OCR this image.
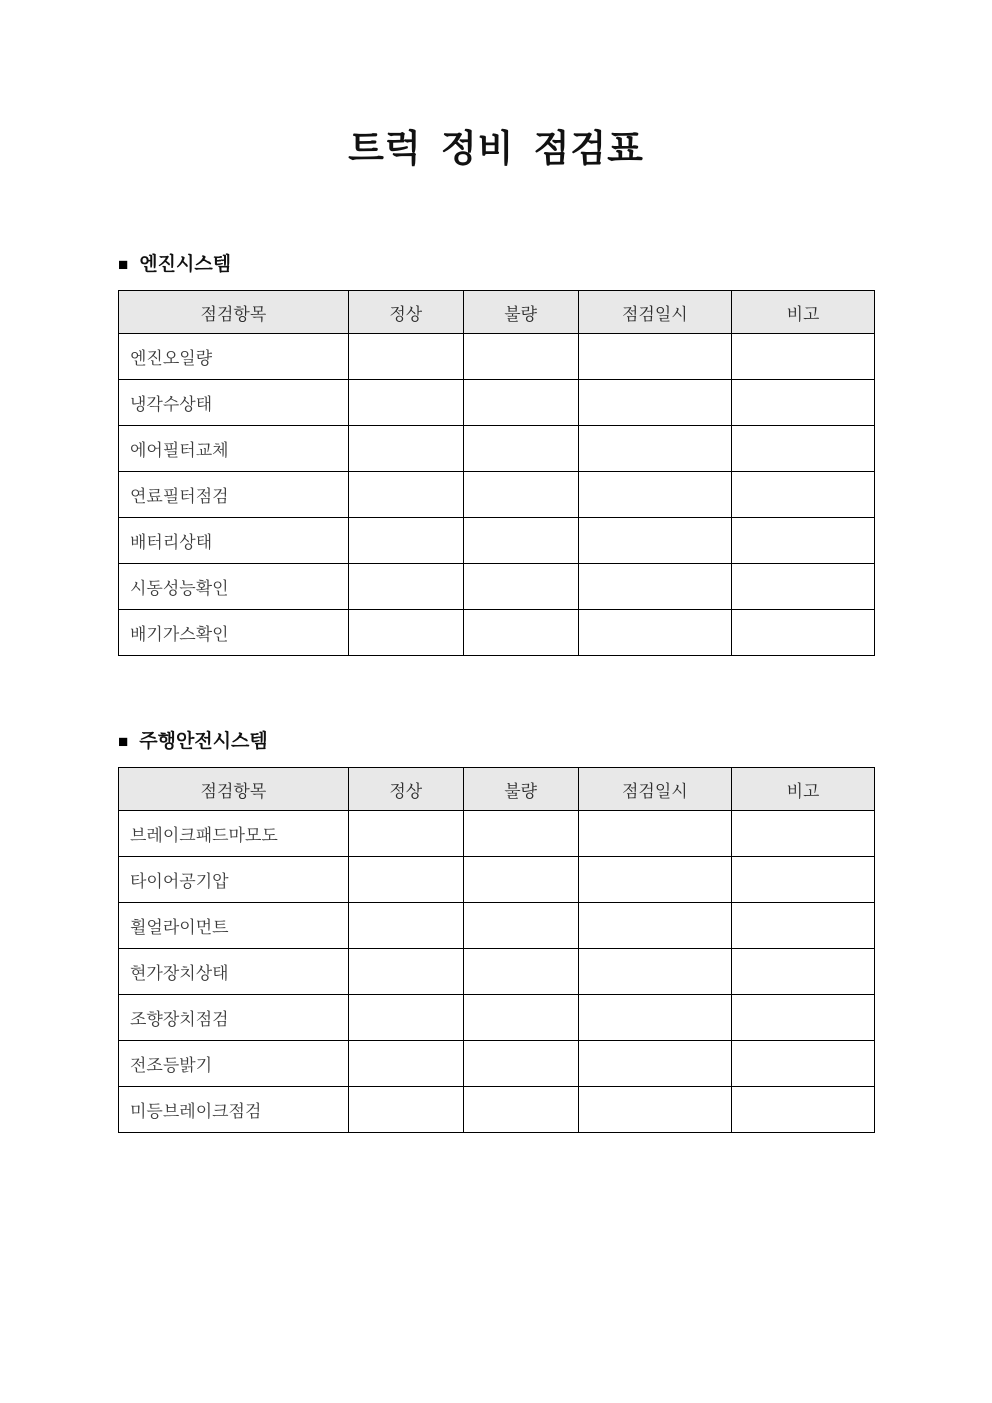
트럭 정비 점검표
■ 엔진시스템
점검항목	정상	불량	점검일시	비고
엔진오일량				
냉각수상태				
에어필터교체				
연료필터점검				
배터리상태				
시동성능확인				
배기가스확인				
■ 주행안전시스템
점검항목	정상	불량	점검일시	비고
브레이크패드마모도				
타이어공기압				
휠얼라이먼트				
현가장치상태				
조향장치점검				
전조등밝기				
미등브레이크점검				
